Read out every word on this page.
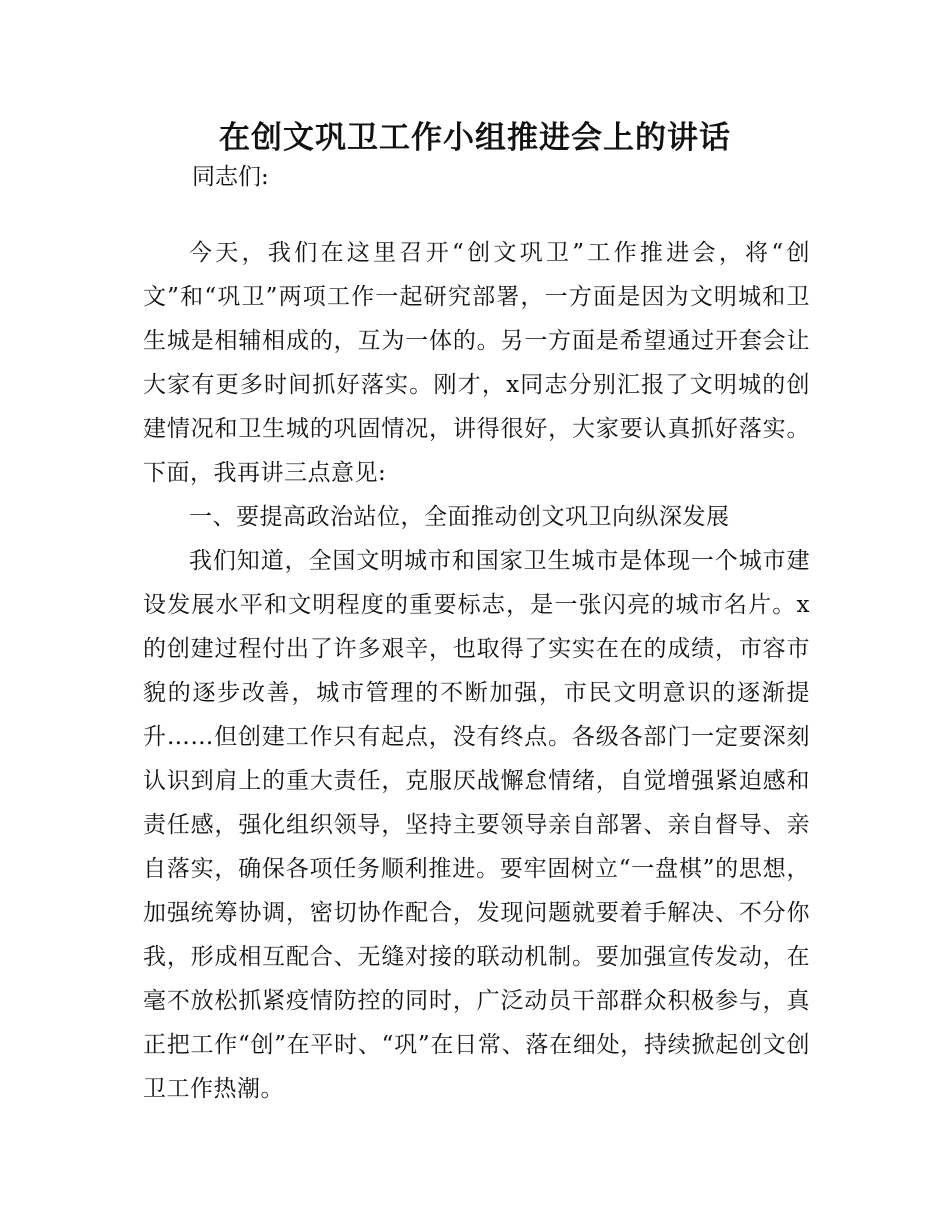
在创文巩卫工作小组推进会上的讲话

同志们:

今天，我们在这里召开“创文巩卫”工作推进会，将“创文”和“巩卫”两项工作一起研究部署，一方面是因为文明城和卫生城是相辅相成的，互为一体的。另一方面是希望通过开套会让大家有更多时间抓好落实。刚才，x同志分别汇报了文明城的创建情况和卫生城的巩固情况，讲得很好，大家要认真抓好落实。下面，我再讲三点意见:

一、要提高政治站位，全面推动创文巩卫向纵深发展

我们知道，全国文明城市和国家卫生城市是体现一个城市建设发展水平和文明程度的重要标志，是一张闪亮的城市名片。x的创建过程付出了许多艰辛，也取得了实实在在的成绩，市容市貌的逐步改善，城市管理的不断加强，市民文明意识的逐渐提升……但创建工作只有起点，没有终点。各级各部门一定要深刻认识到肩上的重大责任，克服厌战懈怠情绪，自觉增强紧迫感和责任感，强化组织领导，坚持主要领导亲自部署、亲自督导、亲自落实，确保各项任务顺利推进。要牢固树立“一盘棋”的思想，加强统筹协调，密切协作配合，发现问题就要着手解决、不分你我，形成相互配合、无缝对接的联动机制。要加强宣传发动，在毫不放松抓紧疫情防控的同时，广泛动员干部群众积极参与，真正把工作“创”在平时、“巩”在日常、落在细处，持续掀起创文创卫工作热潮。
